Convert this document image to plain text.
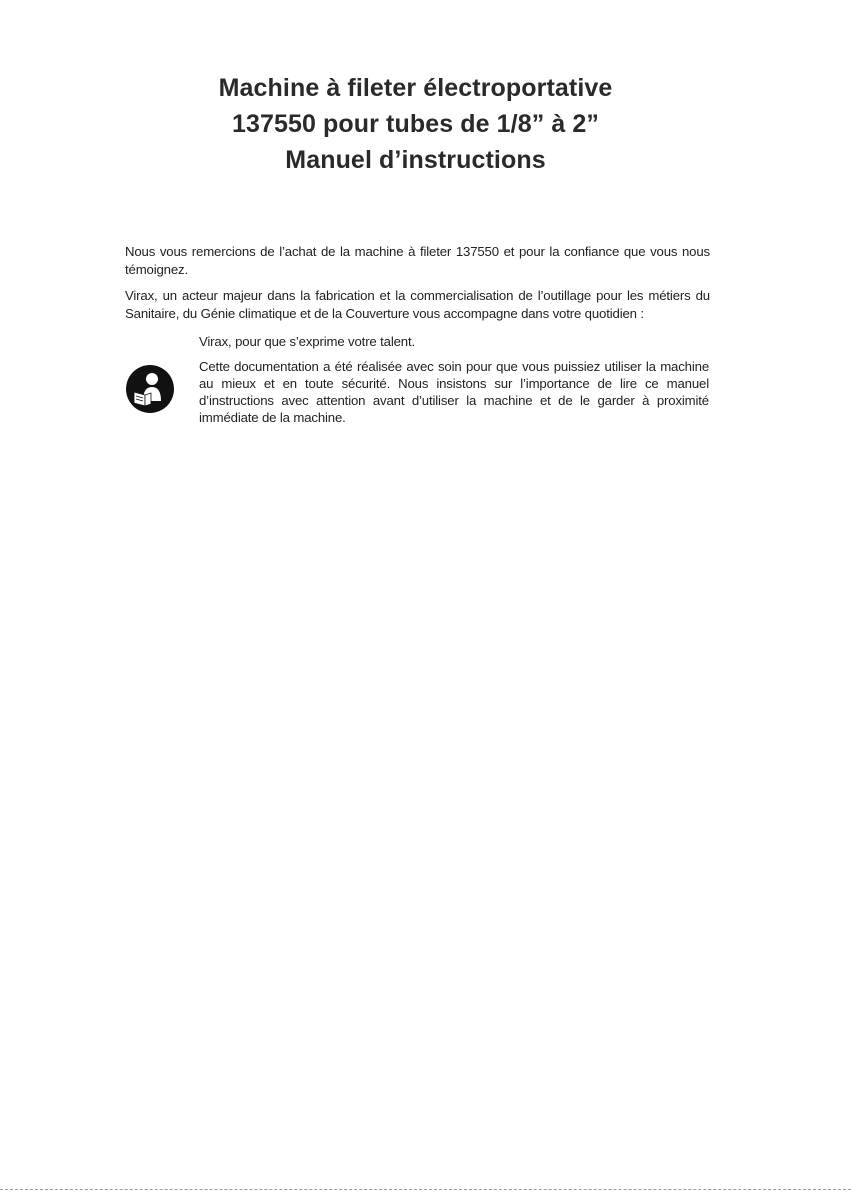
Machine à fileter électroportative
137550 pour tubes de 1/8” à 2”
Manuel d’instructions

Nous vous remercions de l’achat de la machine à fileter 137550 et pour la confiance que vous nous témoignez.

Virax, un acteur majeur dans la fabrication et la commercialisation de l’outillage pour les métiers du Sanitaire, du Génie climatique et de la Couverture vous accompagne dans votre quotidien :

Virax, pour que s’exprime votre talent.
Cette documentation a été réalisée avec soin pour que vous puissiez utiliser la machine au mieux et en toute sécurité. Nous insistons sur l’importance de lire ce manuel d’instructions avec attention avant d’utiliser la machine et de le garder à proximité immédiate de la machine.
